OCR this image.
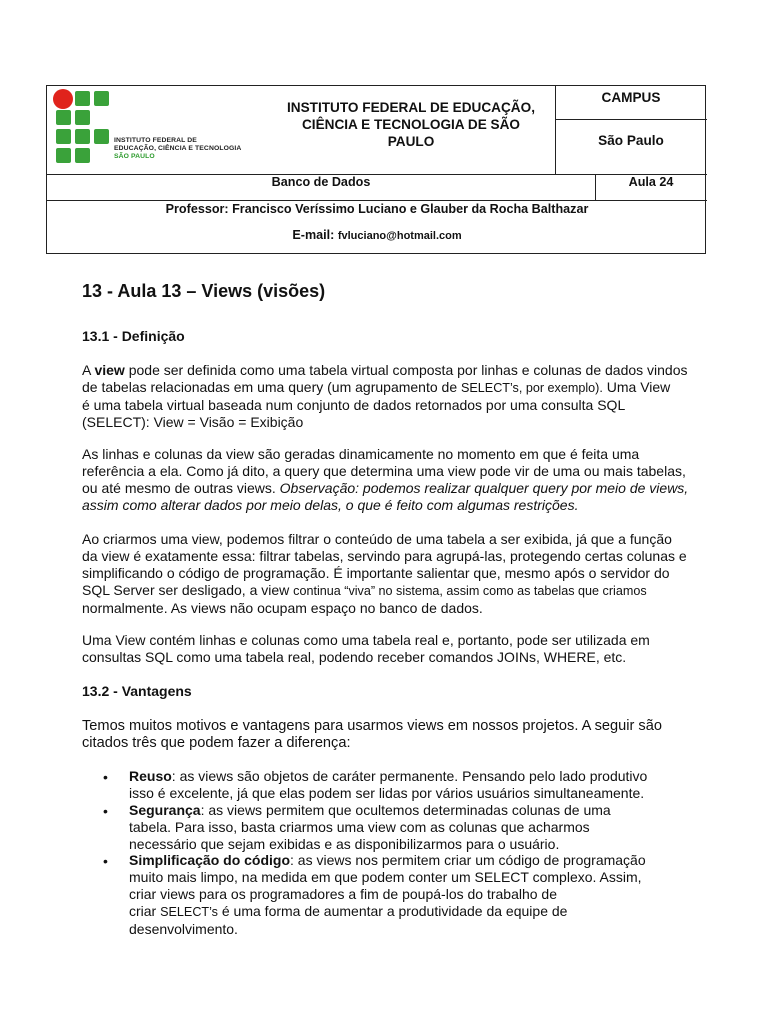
INSTITUTO FEDERAL DE
EDUCAÇÃO, CIÊNCIA E TECNOLOGIA
SÃO PAULO
INSTITUTO FEDERAL DE EDUCAÇÃO,
CIÊNCIA E TECNOLOGIA DE SÃO
PAULO
CAMPUS
São Paulo
Banco de Dados	Aula 24
Professor: Francisco Veríssimo Luciano e Glauber da Rocha Balthazar
E-mail: fvluciano@hotmail.com
13 - Aula 13 – Views (visões)
13.1 - Definição
A view pode ser definida como uma tabela virtual composta por linhas e colunas de dados vindos
de tabelas relacionadas em uma query (um agrupamento de SELECT’s, por exemplo). Uma View
é uma tabela virtual baseada num conjunto de dados retornados por uma consulta SQL
(SELECT): View = Visão = Exibição
As linhas e colunas da view são geradas dinamicamente no momento em que é feita uma
referência a ela. Como já dito, a query que determina uma view pode vir de uma ou mais tabelas,
ou até mesmo de outras views. Observação: podemos realizar qualquer query por meio de views,
assim como alterar dados por meio delas, o que é feito com algumas restrições.
Ao criarmos uma view, podemos filtrar o conteúdo de uma tabela a ser exibida, já que a função
da view é exatamente essa: filtrar tabelas, servindo para agrupá-las, protegendo certas colunas e
simplificando o código de programação. É importante salientar que, mesmo após o servidor do
SQL Server ser desligado, a view continua “viva” no sistema, assim como as tabelas que criamos
normalmente. As views não ocupam espaço no banco de dados.
Uma View contém linhas e colunas como uma tabela real e, portanto, pode ser utilizada em
consultas SQL como uma tabela real, podendo receber comandos JOINs, WHERE, etc.
13.2 - Vantagens
Temos muitos motivos e vantagens para usarmos views em nossos projetos. A seguir são
citados três que podem fazer a diferença:
• Reuso: as views são objetos de caráter permanente. Pensando pelo lado produtivo
isso é excelente, já que elas podem ser lidas por vários usuários simultaneamente.
• Segurança: as views permitem que ocultemos determinadas colunas de uma
tabela. Para isso, basta criarmos uma view com as colunas que acharmos
necessário que sejam exibidas e as disponibilizarmos para o usuário.
• Simplificação do código: as views nos permitem criar um código de programação
muito mais limpo, na medida em que podem conter um SELECT complexo. Assim,
criar views para os programadores a fim de poupá-los do trabalho de
criar SELECT’s é uma forma de aumentar a produtividade da equipe de
desenvolvimento.
